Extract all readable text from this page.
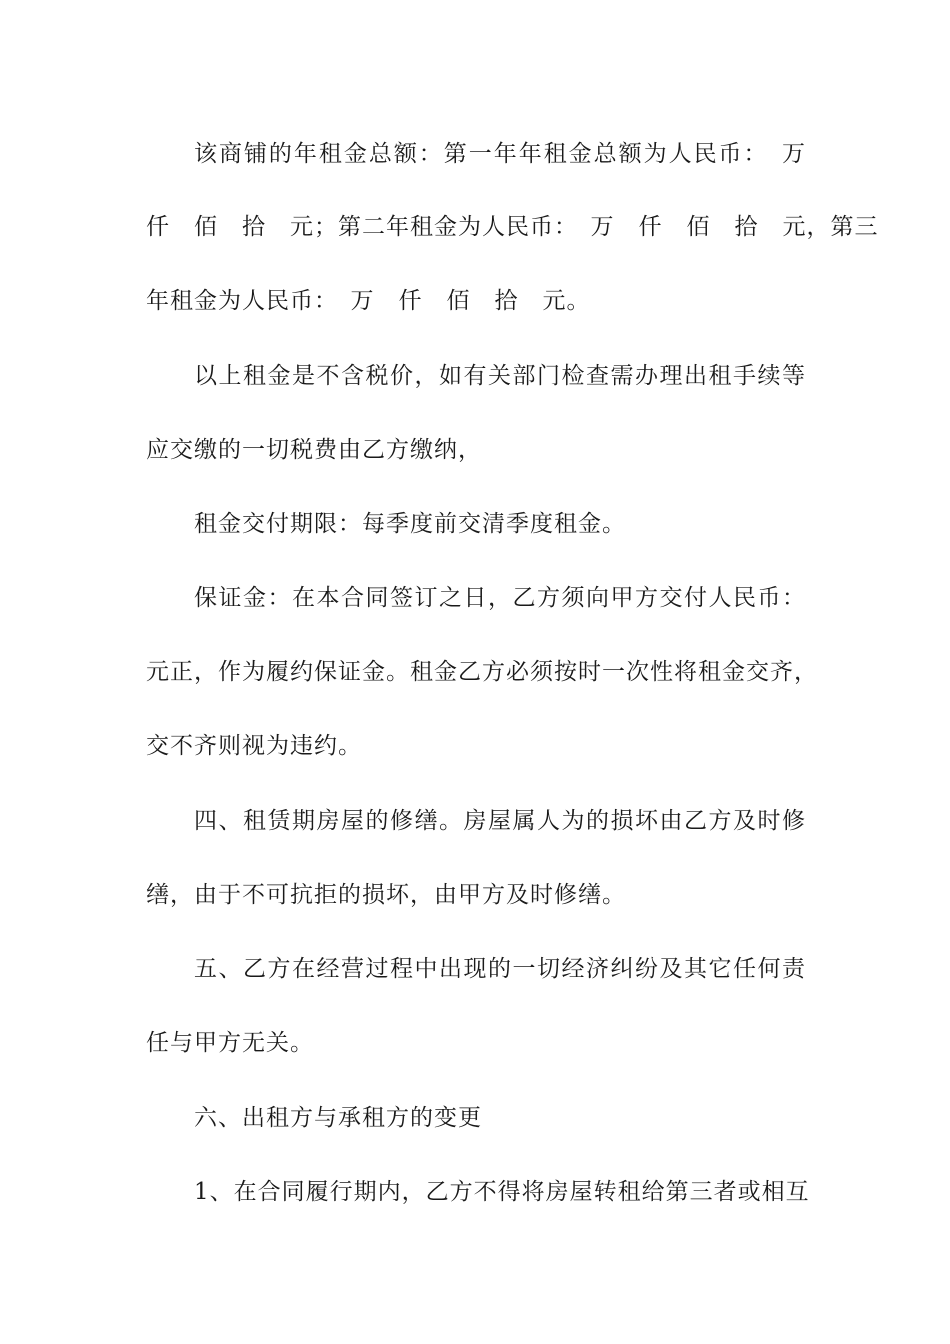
该商铺的年租金总额：第一年年租金总额为人民币：　万
仟　佰　拾　元；第二年租金为人民币：　万　仟　佰　拾　元，第三
年租金为人民币：　万　仟　佰　拾　元。
以上租金是不含税价，如有关部门检查需办理出租手续等
应交缴的一切税费由乙方缴纳，
租金交付期限：每季度前交清季度租金。
保证金：在本合同签订之日，乙方须向甲方交付人民币：
元正，作为履约保证金。租金乙方必须按时一次性将租金交齐，
交不齐则视为违约。
四、租赁期房屋的修缮。房屋属人为的损坏由乙方及时修
缮，由于不可抗拒的损坏，由甲方及时修缮。
五、乙方在经营过程中出现的一切经济纠纷及其它任何责
任与甲方无关。
六、出租方与承租方的变更
1、在合同履行期内，乙方不得将房屋转租给第三者或相互
